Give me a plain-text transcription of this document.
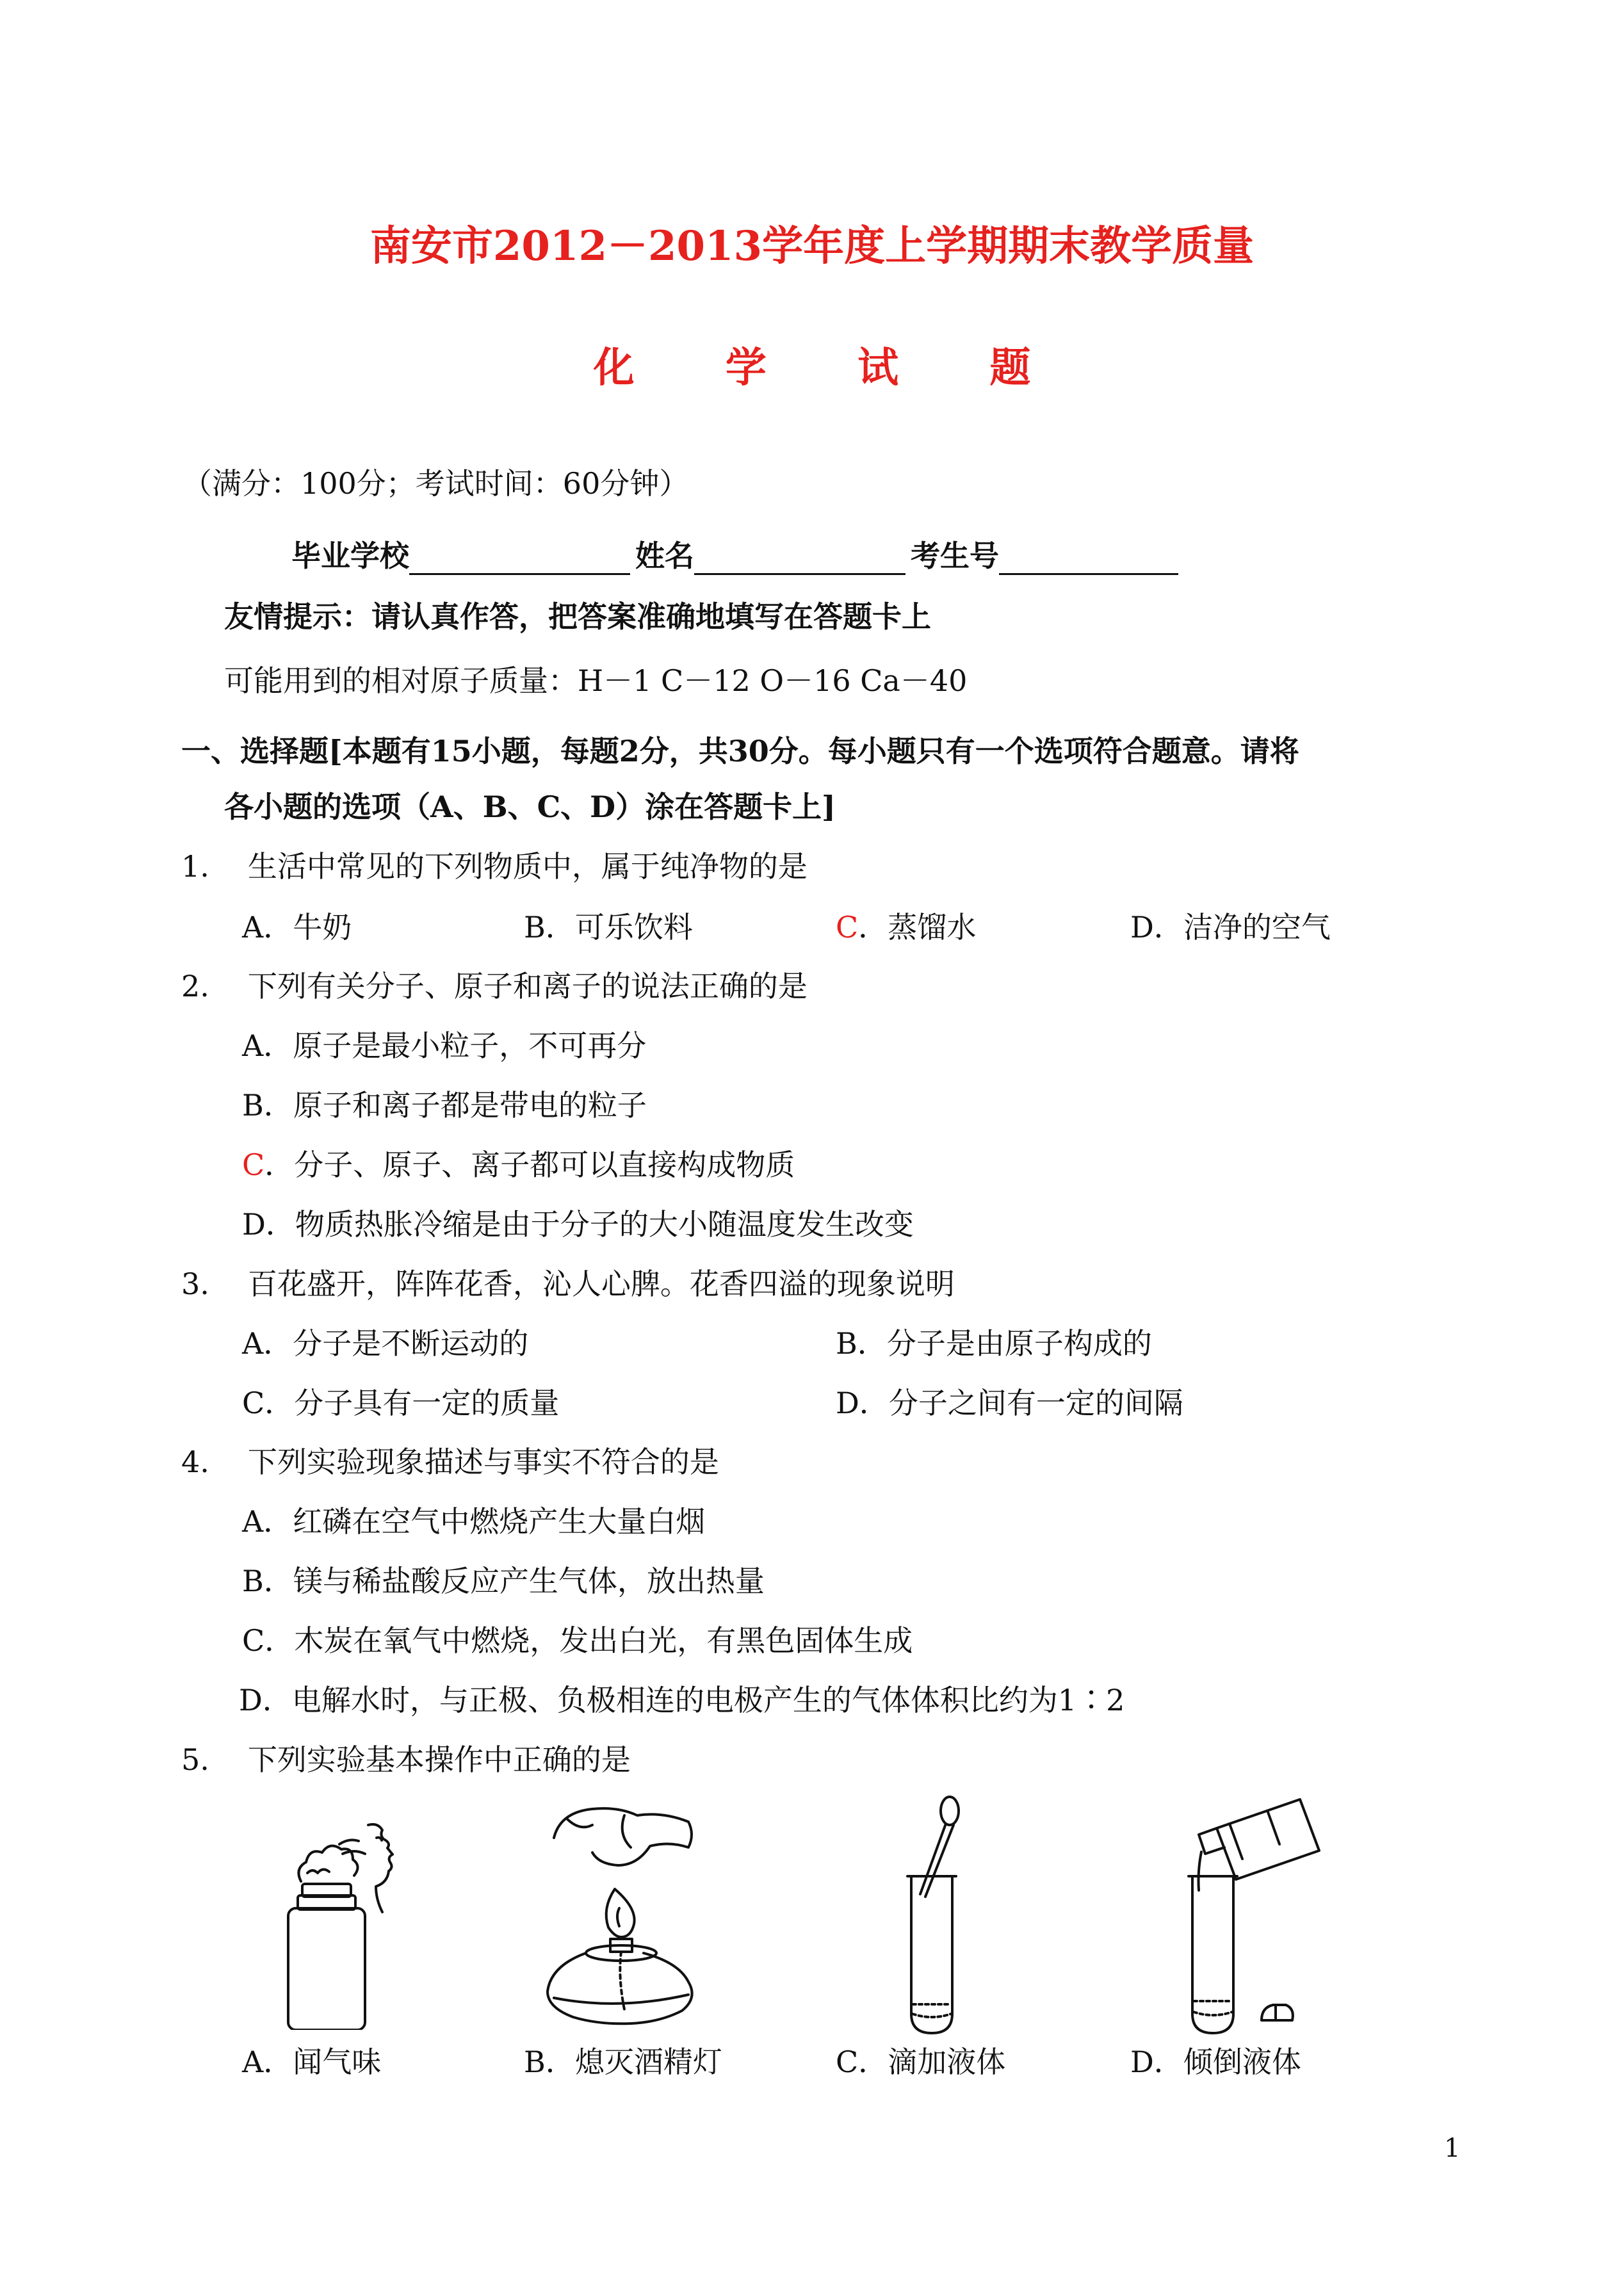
南安市2012－2013学年度上学期期末教学质量
化 学 试 题
（满分：100分；考试时间：60分钟）
毕业学校	姓名	考生号
友情提示：请认真作答，把答案准确地填写在答题卡上
可能用到的相对原子质量：H－1 C－12 O－16 Ca－40
一、选择题[本题有15小题，每题2分，共30分。每小题只有一个选项符合题意。请将
各小题的选项（A、B、C、D）涂在答题卡上]
1. 生活中常见的下列物质中，属于纯净物的是
A．牛奶	B．可乐饮料	C．蒸馏水	D．洁净的空气
2. 下列有关分子、原子和离子的说法正确的是
A．原子是最小粒子，不可再分
B．原子和离子都是带电的粒子
C．分子、原子、离子都可以直接构成物质
D．物质热胀冷缩是由于分子的大小随温度发生改变
3. 百花盛开，阵阵花香，沁人心脾。花香四溢的现象说明
A．分子是不断运动的	B．分子是由原子构成的
C．分子具有一定的质量	D．分子之间有一定的间隔
4. 下列实验现象描述与事实不符合的是
A．红磷在空气中燃烧产生大量白烟
B．镁与稀盐酸反应产生气体，放出热量
C．木炭在氧气中燃烧，发出白光，有黑色固体生成
D．电解水时，与正极、负极相连的电极产生的气体体积比约为1∶2
5. 下列实验基本操作中正确的是
A．闻气味	B．熄灭酒精灯	C．滴加液体	D．倾倒液体
1
